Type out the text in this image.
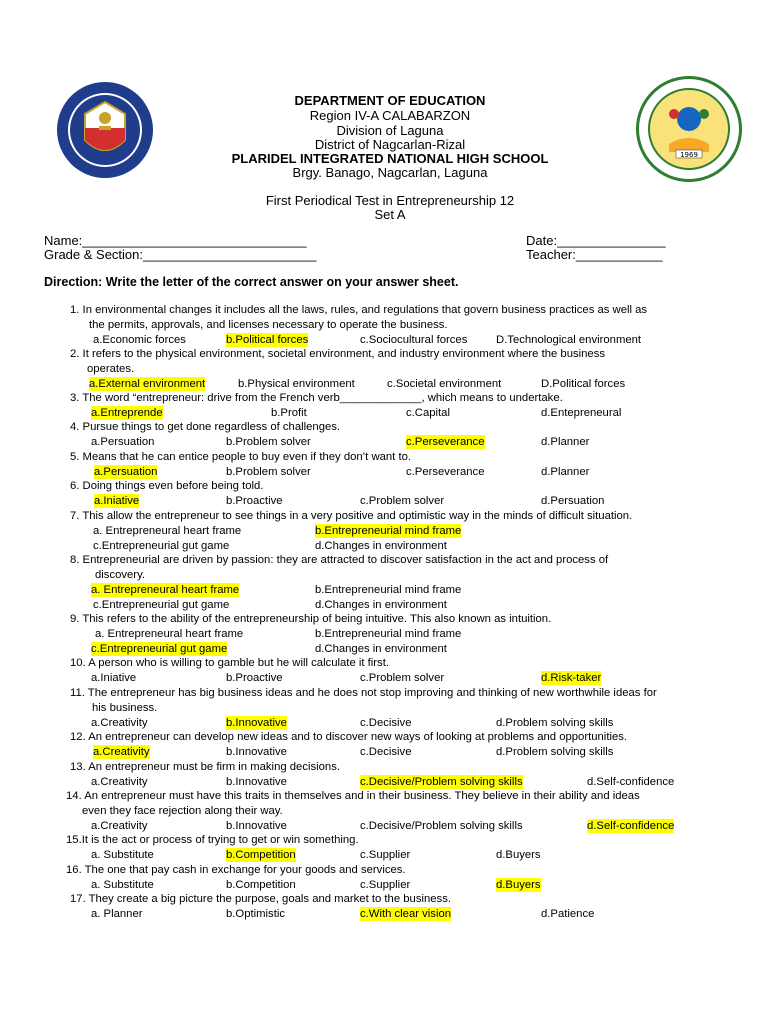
1969
DEPARTMENT OF EDUCATION
Region IV-A CALABARZON
Division of Laguna
District of Nagcarlan-Rizal
PLARIDEL INTEGRATED NATIONAL HIGH SCHOOL
Brgy. Banago, Nagcarlan, Laguna
First Periodical Test in Entrepreneurship 12
Set A
Name:_______________________________
Grade & Section:________________________
Date:_______________
Teacher:____________
Direction: Write the letter of the correct answer on your answer sheet.
1. In environmental changes it includes all the laws, rules, and regulations that govern business practices as well as
the permits, approvals, and licenses necessary to operate the business.
a.Economic forces	b.Political forces	c.Sociocultural forces	D.Technological environment
2. It refers to the physical environment, societal environment, and industry environment where the business
operates.
a.External environment	b.Physical environment	c.Societal environment	D.Political forces
3. The word “entrepreneur: drive from the French verb_____________, which means to undertake.
a.Entreprende	b.Profit	c.Capital	d.Entepreneural
4. Pursue things to get done regardless of challenges.
a.Persuation	b.Problem solver	c.Perseverance	d.Planner
5. Means that he can entice people to buy even if they don’t want to.
a.Persuation	b.Problem solver	c.Perseverance	d.Planner
6. Doing things even before being told.
a.Iniative	b.Proactive	c.Problem solver	d.Persuation
7. This allow the entrepreneur to see things in a very positive and optimistic way in the minds of difficult situation.
a. Entrepreneural heart frame	b.Entrepreneurial mind frame
c.Entrepreneurial gut game	d.Changes in environment
8. Entrepreneurial are driven by passion: they are attracted to discover satisfaction in the act and process of
discovery.
a. Entrepreneural heart frame	b.Entrepreneurial mind frame
c.Entrepreneurial gut game	d.Changes in environment
9. This refers to the ability of the entrepreneurship of being intuitive. This also known as intuition.
a. Entrepreneural heart frame	b.Entrepreneurial mind frame
c.Entrepreneurial gut game	d.Changes in environment
10. A person who is willing to gamble but he will calculate it first.
a.Iniative	b.Proactive	c.Problem solver	d.Risk-taker
11. The entrepreneur has big business ideas and he does not stop improving and thinking of new worthwhile ideas for
his business.
a.Creativity	b.Innovative	c.Decisive	d.Problem solving skills
12. An entrepreneur can develop new ideas and to discover new ways of looking at problems and opportunities.
a.Creativity	b.Innovative	c.Decisive	d.Problem solving skills
13. An entrepreneur must be firm in making decisions.
a.Creativity	b.Innovative	c.Decisive/Problem solving skills	d.Self-confidence
14. An entrepreneur must have this traits in themselves and in their business. They believe in their ability and ideas
even they face rejection along their way.
a.Creativity	b.Innovative	c.Decisive/Problem solving skills	d.Self-confidence
15.It is the act or process of trying to get or win something.
a. Substitute	b.Competition	c.Supplier	d.Buyers
16. The one that pay cash in exchange for your goods and services.
a. Substitute	b.Competition	c.Supplier	d.Buyers
17. They create a big picture the purpose, goals and market to the business.
a. Planner	b.Optimistic	c.With clear vision	d.Patience
